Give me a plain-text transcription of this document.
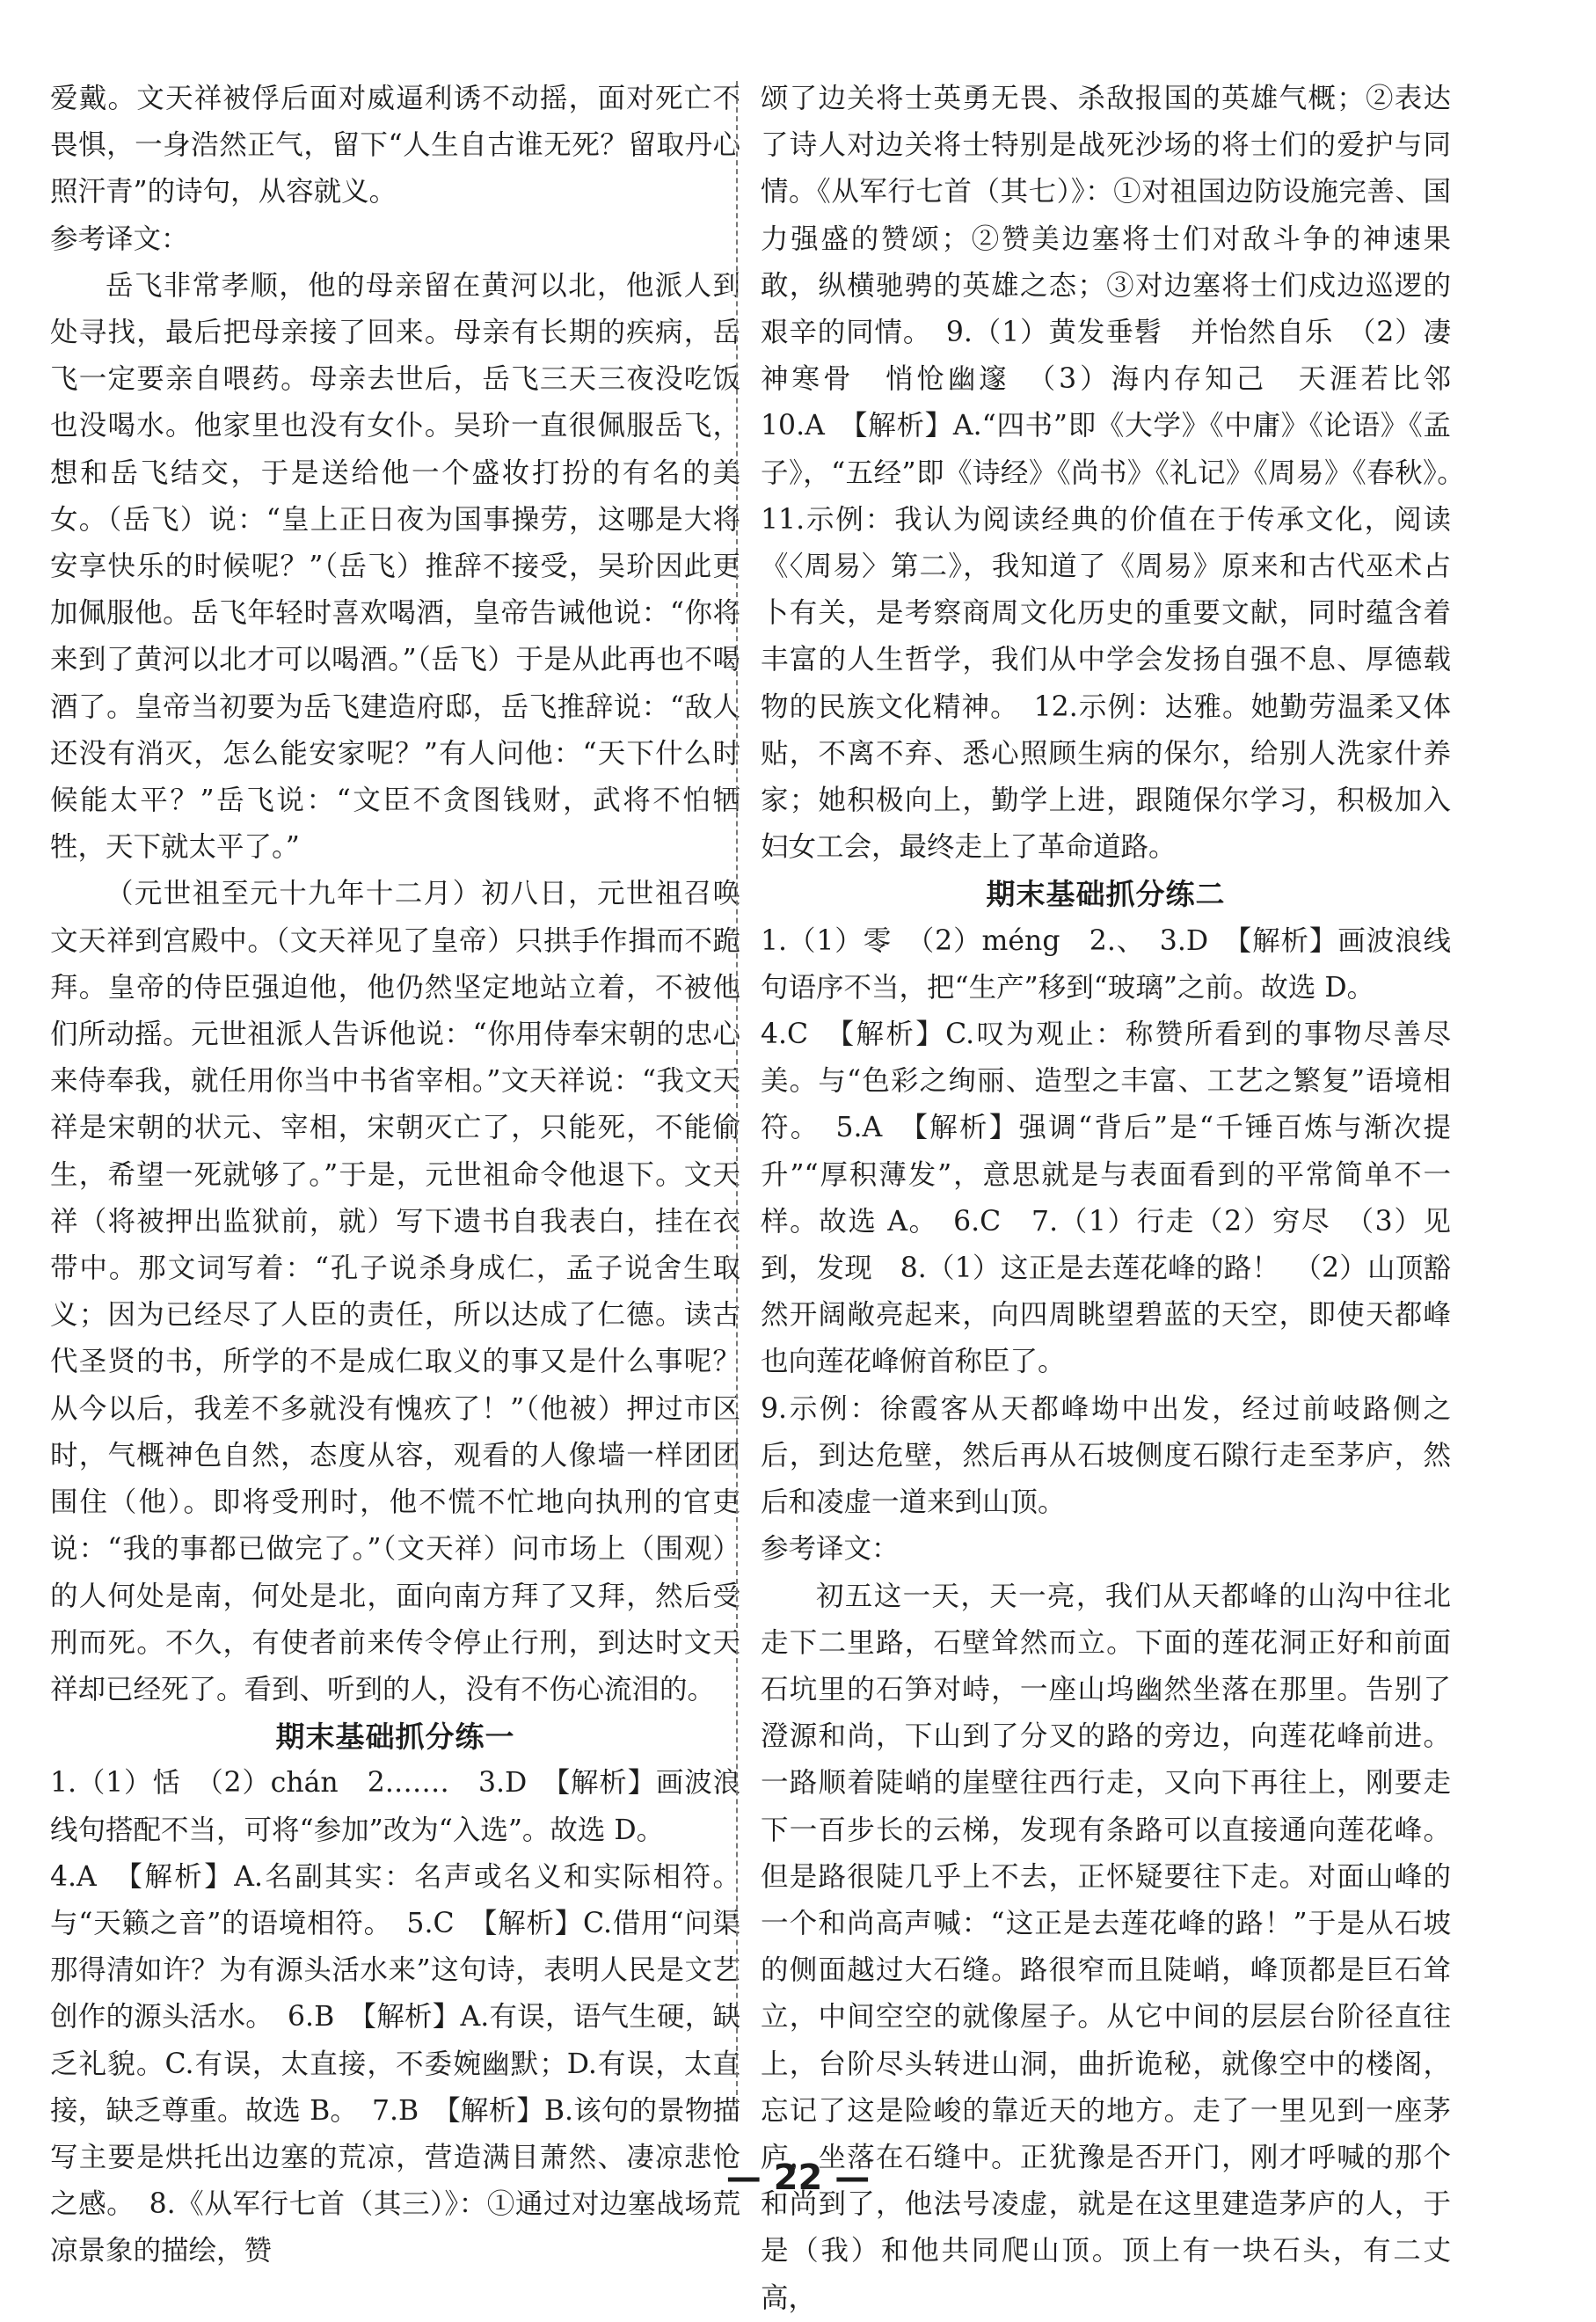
爱戴。文天祥被俘后面对威逼利诱不动摇，面对死亡不畏惧，一身浩然正气，留下“人生自古谁无死？留取丹心照汗青”的诗句，从容就义。

参考译文：

岳飞非常孝顺，他的母亲留在黄河以北，他派人到处寻找，最后把母亲接了回来。母亲有长期的疾病，岳飞一定要亲自喂药。母亲去世后，岳飞三天三夜没吃饭也没喝水。他家里也没有女仆。吴玠一直很佩服岳飞，想和岳飞结交，于是送给他一个盛妆打扮的有名的美女。（岳飞）说：“皇上正日夜为国事操劳，这哪是大将安享快乐的时候呢？”（岳飞）推辞不接受，吴玠因此更加佩服他。岳飞年轻时喜欢喝酒，皇帝告诫他说：“你将来到了黄河以北才可以喝酒。”（岳飞）于是从此再也不喝酒了。皇帝当初要为岳飞建造府邸，岳飞推辞说：“敌人还没有消灭，怎么能安家呢？”有人问他：“天下什么时候能太平？”岳飞说：“文臣不贪图钱财，武将不怕牺牲，天下就太平了。”

（元世祖至元十九年十二月）初八日，元世祖召唤文天祥到宫殿中。（文天祥见了皇帝）只拱手作揖而不跪拜。皇帝的侍臣强迫他，他仍然坚定地站立着，不被他们所动摇。元世祖派人告诉他说：“你用侍奉宋朝的忠心来侍奉我，就任用你当中书省宰相。”文天祥说：“我文天祥是宋朝的状元、宰相，宋朝灭亡了，只能死，不能偷生，希望一死就够了。”于是，元世祖命令他退下。文天祥（将被押出监狱前，就）写下遗书自我表白，挂在衣带中。那文词写着：“孔子说杀身成仁，孟子说舍生取义；因为已经尽了人臣的责任，所以达成了仁德。读古代圣贤的书，所学的不是成仁取义的事又是什么事呢？从今以后，我差不多就没有愧疚了！”（他被）押过市区时，气概神色自然，态度从容，观看的人像墙一样团团围住（他）。即将受刑时，他不慌不忙地向执刑的官吏说：“我的事都已做完了。”（文天祥）问市场上（围观）的人何处是南，何处是北，面向南方拜了又拜，然后受刑而死。不久，有使者前来传令停止行刑，到达时文天祥却已经死了。看到、听到的人，没有不伤心流泪的。

期末基础抓分练一

1.（1）恬　（2）chán　2.……　3.D　【解析】画波浪线句搭配不当，可将“参加”改为“入选”。故选 D。

4.A　【解析】A.名副其实：名声或名义和实际相符。与“天籁之音”的语境相符。　5.C　【解析】C.借用“问渠那得清如许？为有源头活水来”这句诗，表明人民是文艺创作的源头活水。　6.B　【解析】A.有误，语气生硬，缺乏礼貌。C.有误，太直接，不委婉幽默；D.有误，太直接，缺乏尊重。故选 B。　7.B　【解析】B.该句的景物描写主要是烘托出边塞的荒凉，营造满目萧然、凄凉悲怆之感。　8.《从军行七首（其三）》：①通过对边塞战场荒凉景象的描绘，赞

颂了边关将士英勇无畏、杀敌报国的英雄气概；②表达了诗人对边关将士特别是战死沙场的将士们的爱护与同情。《从军行七首（其七）》：①对祖国边防设施完善、国力强盛的赞颂；②赞美边塞将士们对敌斗争的神速果敢，纵横驰骋的英雄之态；③对边塞将士们戍边巡逻的艰辛的同情。　9.（1）黄发垂髫　并怡然自乐　（2）凄神寒骨　悄怆幽邃　（3）海内存知己　天涯若比邻　10.A　【解析】A.“四书”即《大学》《中庸》《论语》《孟子》，“五经”即《诗经》《尚书》《礼记》《周易》《春秋》。　11.示例：我认为阅读经典的价值在于传承文化，阅读《〈周易〉第二》，我知道了《周易》原来和古代巫术占卜有关，是考察商周文化历史的重要文献，同时蕴含着丰富的人生哲学，我们从中学会发扬自强不息、厚德载物的民族文化精神。　12.示例：达雅。她勤劳温柔又体贴，不离不弃、悉心照顾生病的保尔，给别人洗家什养家；她积极向上，勤学上进，跟随保尔学习，积极加入妇女工会，最终走上了革命道路。

期末基础抓分练二

1.（1）零　（2）méng　2.、　3.D　【解析】画波浪线句语序不当，把“生产”移到“玻璃”之前。故选 D。

4.C　【解析】C.叹为观止：称赞所看到的事物尽善尽美。与“色彩之绚丽、造型之丰富、工艺之繁复”语境相符。　5.A　【解析】强调“背后”是“千锤百炼与渐次提升”“厚积薄发”，意思就是与表面看到的平常简单不一样。故选 A。　6.C　7.（1）行走（2）穷尽　（3）见到，发现　8.（1）这正是去莲花峰的路！　（2）山顶豁然开阔敞亮起来，向四周眺望碧蓝的天空，即使天都峰也向莲花峰俯首称臣了。

9.示例：徐霞客从天都峰坳中出发，经过前岐路侧之后，到达危壁，然后再从石坡侧度石隙行走至茅庐，然后和凌虚一道来到山顶。

参考译文：

初五这一天，天一亮，我们从天都峰的山沟中往北走下二里路，石壁耸然而立。下面的莲花洞正好和前面石坑里的石笋对峙，一座山坞幽然坐落在那里。告别了澄源和尚，下山到了分叉的路的旁边，向莲花峰前进。一路顺着陡峭的崖壁往西行走，又向下再往上，刚要走下一百步长的云梯，发现有条路可以直接通向莲花峰。但是路很陡几乎上不去，正怀疑要往下走。对面山峰的一个和尚高声喊：“这正是去莲花峰的路！”于是从石坡的侧面越过大石缝。路很窄而且陡峭，峰顶都是巨石耸立，中间空空的就像屋子。从它中间的层层台阶径直往上，台阶尽头转进山洞，曲折诡秘，就像空中的楼阁，忘记了这是险峻的靠近天的地方。走了一里见到一座茅庐，坐落在石缝中。正犹豫是否开门，刚才呼喊的那个和尚到了，他法号凌虚，就是在这里建造茅庐的人，于是（我）和他共同爬山顶。顶上有一块石头，有二丈高，

— 22 —
